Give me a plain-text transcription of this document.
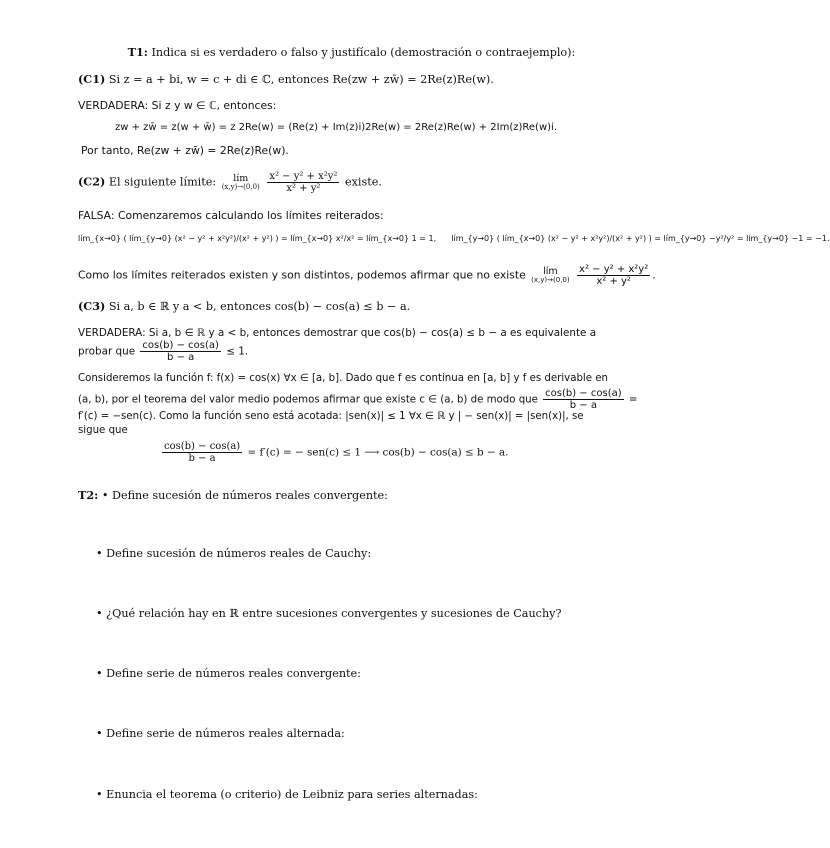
T1: Indica si es verdadero o falso y justifícalo (demostración o contraejemplo):
(C1) Si z = a + bi, w = c + di ∈ ℂ, entonces Re(zw + zw̄) = 2Re(z)Re(w).
VERDADERA: Si z y w ∈ ℂ, entonces:
zw + zw̄ = z(w + w̄) = z 2Re(w) = (Re(z) + Im(z)i)2Re(w) = 2Re(z)Re(w) + 2Im(z)Re(w)i.
Por tanto, Re(zw + zw̄) = 2Re(z)Re(w).
(C2) El siguiente límite: lím
(x,y)→(0,0)
$\frac{\text{x² − y² + x²y²}}{\text{x² + y²}}$ existe.
FALSA: Comenzaremos calculando los límites reiterados:
lím_{x→0} ( lím_{y→0} (x² − y² + x²y²)/(x² + y²) ) = lím_{x→0} x²/x² = lím_{x→0} 1 = 1, lím_{y→0} ( lím_{x→0} (x² − y² + x²y²)/(x² + y²) ) = lím_{y→0} −y²/y² = lím_{y→0} −1 = −1.
Como los límites reiterados existen y son distintos, podemos afirmar que no existe lím
(x,y)→(0,0)
$\frac{\text{x² − y² + x²y²}}{\text{x² + y²}}$ .
(C3) Si a, b ∈ ℝ y a < b, entonces cos(b) − cos(a) ≤ b − a.
VERDADERA: Si a, b ∈ ℝ y a < b, entonces demostrar que cos(b) − cos(a) ≤ b − a es equivalente a
probar que $\frac{\cos(b) - \cos(a)}{b - a} \le 1$.
Consideremos la función f: f(x) = cos(x) ∀x ∈ [a, b]. Dado que f es continua en [a, b] y f es derivable en
(a, b), por el teorema del valor medio podemos afirmar que existe c ∈ (a, b) de modo que $\frac{\cos(b) - \cos(a)}{b - a}$ =
f′(c) = −sen(c). Como la función seno está acotada: |sen(x)| ≤ 1 ∀x ∈ ℝ y | − sen(x)| = |sen(x)|, se
sigue que
$\frac{\cos(b) - \cos(a)}{b - a} = f'(c)$ = − sen(c) ≤ 1 ⟶ cos(b) − cos(a) ≤ b − a.
T2: • Define sucesión de números reales convergente:
• Define sucesión de números reales de Cauchy:
• ¿Qué relación hay en ℝ entre sucesiones convergentes y sucesiones de Cauchy?
• Define serie de números reales convergente:
• Define serie de números reales alternada:
• Enuncia el teorema (o criterio) de Leibniz para series alternadas:
